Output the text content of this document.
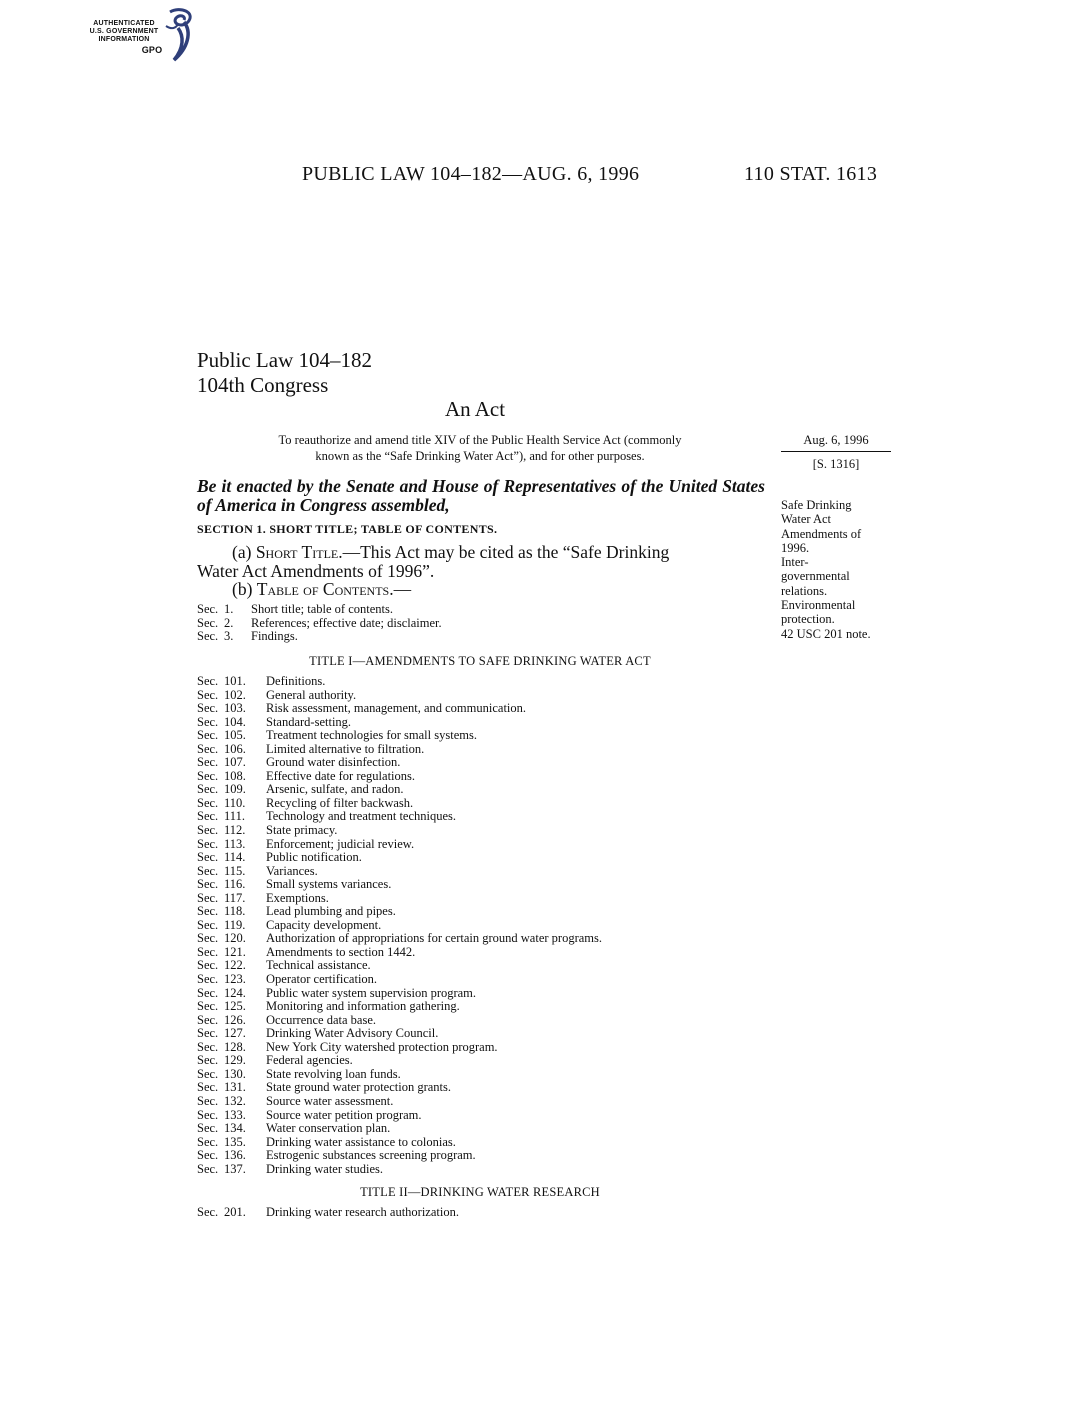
AUTHENTICATED
U.S. GOVERNMENT
INFORMATION
GPO
PUBLIC LAW 104–182—AUG. 6, 1996	110 STAT. 1613
Public Law 104–182
104th Congress
An Act
To reauthorize and amend title XIV of the Public Health Service Act (commonly
known as the “Safe Drinking Water Act”), and for other purposes.
Aug. 6, 1996
[S. 1316]
Be it enacted by the Senate and House of Representatives of the United States of America in Congress assembled,	Safe Drinking
Water Act
Amendments of
1996.
Inter-
governmental
relations.
Environmental
protection.
42 USC 201 note.
SECTION 1. SHORT TITLE; TABLE OF CONTENTS.
(a) Short Title.—This Act may be cited as the “Safe Drinking
Water Act Amendments of 1996”.
(b) Table of Contents.—
Sec. 1.	Short title; table of contents.
Sec. 2.	References; effective date; disclaimer.
Sec. 3.	Findings.
TITLE I—AMENDMENTS TO SAFE DRINKING WATER ACT
Sec. 101.	Definitions.
Sec. 102.	General authority.
Sec. 103.	Risk assessment, management, and communication.
Sec. 104.	Standard-setting.
Sec. 105.	Treatment technologies for small systems.
Sec. 106.	Limited alternative to filtration.
Sec. 107.	Ground water disinfection.
Sec. 108.	Effective date for regulations.
Sec. 109.	Arsenic, sulfate, and radon.
Sec. 110.	Recycling of filter backwash.
Sec. 111.	Technology and treatment techniques.
Sec. 112.	State primacy.
Sec. 113.	Enforcement; judicial review.
Sec. 114.	Public notification.
Sec. 115.	Variances.
Sec. 116.	Small systems variances.
Sec. 117.	Exemptions.
Sec. 118.	Lead plumbing and pipes.
Sec. 119.	Capacity development.
Sec. 120.	Authorization of appropriations for certain ground water programs.
Sec. 121.	Amendments to section 1442.
Sec. 122.	Technical assistance.
Sec. 123.	Operator certification.
Sec. 124.	Public water system supervision program.
Sec. 125.	Monitoring and information gathering.
Sec. 126.	Occurrence data base.
Sec. 127.	Drinking Water Advisory Council.
Sec. 128.	New York City watershed protection program.
Sec. 129.	Federal agencies.
Sec. 130.	State revolving loan funds.
Sec. 131.	State ground water protection grants.
Sec. 132.	Source water assessment.
Sec. 133.	Source water petition program.
Sec. 134.	Water conservation plan.
Sec. 135.	Drinking water assistance to colonias.
Sec. 136.	Estrogenic substances screening program.
Sec. 137.	Drinking water studies.
TITLE II—DRINKING WATER RESEARCH
Sec. 201.	Drinking water research authorization.
